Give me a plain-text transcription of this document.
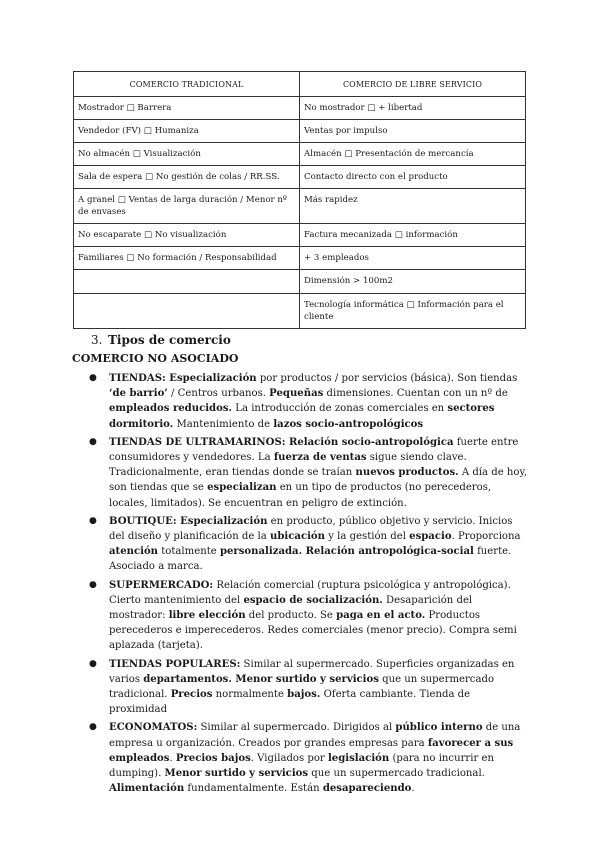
COMERCIO TRADICIONAL	COMERCIO DE LIBRE SERVICIO
Mostrador □ Barrera	No mostrador □ + libertad
Vendedor (FV) □ Humaniza	Ventas por impulso
No almacén □ Visualización	Almacén □ Presentación de mercancía
Sala de espera □ No gestión de colas / RR.SS.	Contacto directo con el producto
A granel □ Ventas de larga duración / Menor nº de envases	Más rapidez
No escaparate □ No visualización	Factura mecanizada □ información
Familiares □ No formación / Responsabilidad	+ 3 empleados
	Dimensión > 100m2
	Tecnología informática □ Información para el cliente
3. Tipos de comercio
COMERCIO NO ASOCIADO
● TIENDAS: Especialización por productos / por servicios (básica). Son tiendas ‘de barrio’ / Centros urbanos. Pequeñas dimensiones. Cuentan con un nº de empleados reducidos. La introducción de zonas comerciales en sectores dormitorio. Mantenimiento de lazos socio-antropológicos
● TIENDAS DE ULTRAMARINOS: Relación socio-antropológica fuerte entre consumidores y vendedores. La fuerza de ventas sigue siendo clave. Tradicionalmente, eran tiendas donde se traían nuevos productos. A día de hoy, son tiendas que se especializan en un tipo de productos (no perecederos, locales, limitados). Se encuentran en peligro de extinción.
● BOUTIQUE: Especialización en producto, público objetivo y servicio. Inicios del diseño y planificación de la ubicación y la gestión del espacio. Proporciona atención totalmente personalizada. Relación antropológica-social fuerte. Asociado a marca.
● SUPERMERCADO: Relación comercial (ruptura psicológica y antropológica). Cierto mantenimiento del espacio de socialización. Desaparición del mostrador: libre elección del producto. Se paga en el acto. Productos perecederos e imperecederos. Redes comerciales (menor precio). Compra semi aplazada (tarjeta).
● TIENDAS POPULARES: Similar al supermercado. Superficies organizadas en varios departamentos. Menor surtido y servicios que un supermercado tradicional. Precios normalmente bajos. Oferta cambiante. Tienda de proximidad
● ECONOMATOS: Similar al supermercado. Dirigidos al público interno de una empresa u organización. Creados por grandes empresas para favorecer a sus empleados. Precios bajos. Vigilados por legislación (para no incurrir en dumping). Menor surtido y servicios que un supermercado tradicional. Alimentación fundamentalmente. Están desapareciendo.
